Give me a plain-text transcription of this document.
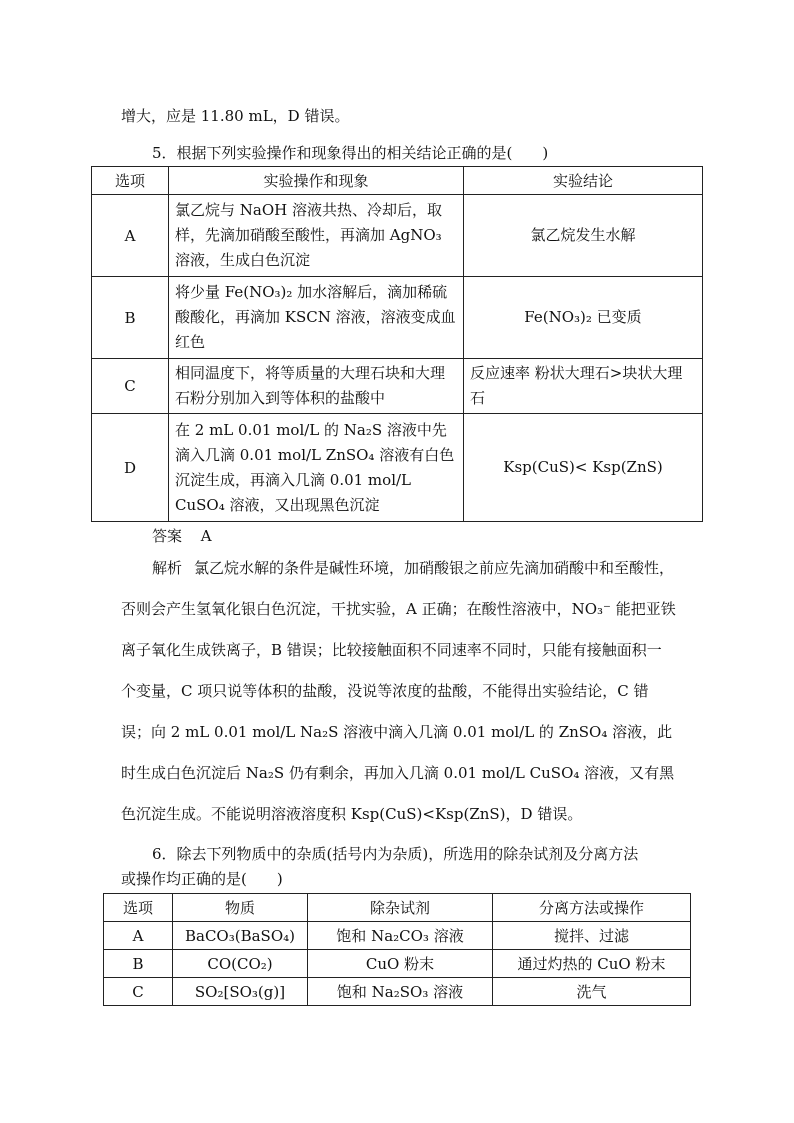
增大，应是 11.80 mL，D 错误。
5．根据下列实验操作和现象得出的相关结论正确的是(　　)
选项	实验操作和现象	实验结论
A	氯乙烷与 NaOH 溶液共热、冷却后，取样，先滴加硝酸至酸性，再滴加 AgNO₃ 溶液，生成白色沉淀	氯乙烷发生水解
B	将少量 Fe(NO₃)₂ 加水溶解后，滴加稀硫酸酸化，再滴加 KSCN 溶液，溶液变成血红色	Fe(NO₃)₂ 已变质
C	相同温度下，将等质量的大理石块和大理石粉分别加入到等体积的盐酸中	反应速率 粉状大理石>块状大理石
D	在 2 mL 0.01 mol/L 的 Na₂S 溶液中先滴入几滴 0.01 mol/L ZnSO₄ 溶液有白色沉淀生成，再滴入几滴 0.01 mol/L CuSO₄ 溶液，又出现黑色沉淀	Ksp(CuS)< Ksp(ZnS)
答案 A
解析 氯乙烷水解的条件是碱性环境，加硝酸银之前应先滴加硝酸中和至酸性，否则会产生氢氧化银白色沉淀，干扰实验，A 正确；在酸性溶液中，NO₃⁻ 能把亚铁离子氧化生成铁离子，B 错误；比较接触面积不同速率不同时，只能有接触面积一个变量，C 项只说等体积的盐酸，没说等浓度的盐酸，不能得出实验结论，C 错误；向 2 mL 0.01 mol/L Na₂S 溶液中滴入几滴 0.01 mol/L 的 ZnSO₄ 溶液，此时生成白色沉淀后 Na₂S 仍有剩余，再加入几滴 0.01 mol/L CuSO₄ 溶液，又有黑色沉淀生成。不能说明溶液溶度积 Ksp(CuS)<Ksp(ZnS)，D 错误。
6．除去下列物质中的杂质(括号内为杂质)，所选用的除杂试剂及分离方法
或操作均正确的是(　　)
选项	物质	除杂试剂	分离方法或操作
A	BaCO₃(BaSO₄)	饱和 Na₂CO₃ 溶液	搅拌、过滤
B	CO(CO₂)	CuO 粉末	通过灼热的 CuO 粉末
C	SO₂[SO₃(g)]	饱和 Na₂SO₃ 溶液	洗气
